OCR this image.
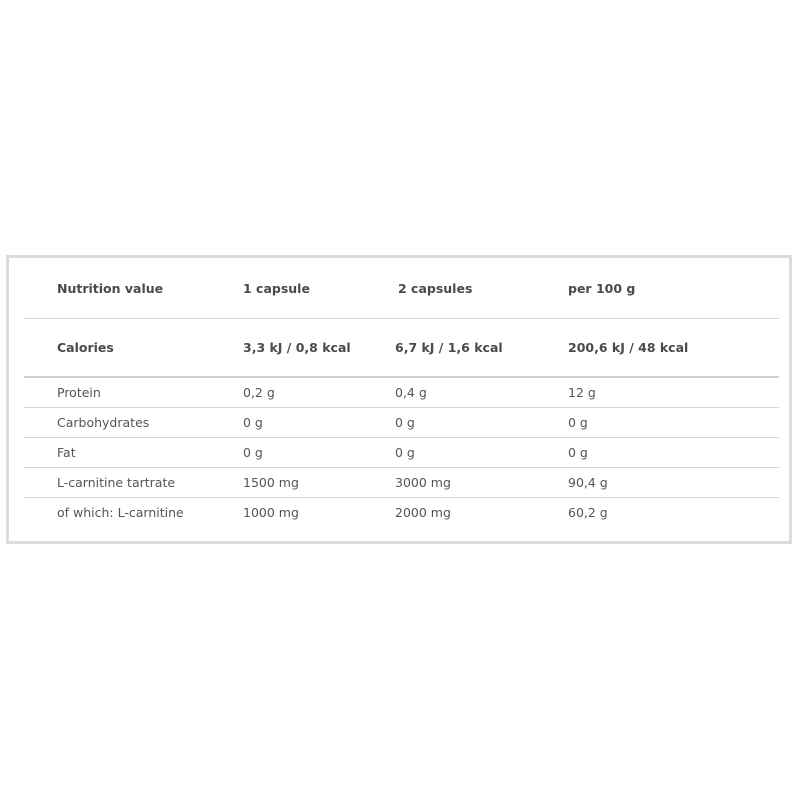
Nutrition value	1 capsule	2 capsules	per 100 g
Calories	3,3 kJ / 0,8 kcal	6,7 kJ / 1,6 kcal	200,6 kJ / 48 kcal
Protein	0,2 g	0,4 g	12 g
Carbohydrates	0 g	0 g	0 g
Fat	0 g	0 g	0 g
L-carnitine tartrate	1500 mg	3000 mg	90,4 g
of which: L-carnitine	1000 mg	2000 mg	60,2 g
